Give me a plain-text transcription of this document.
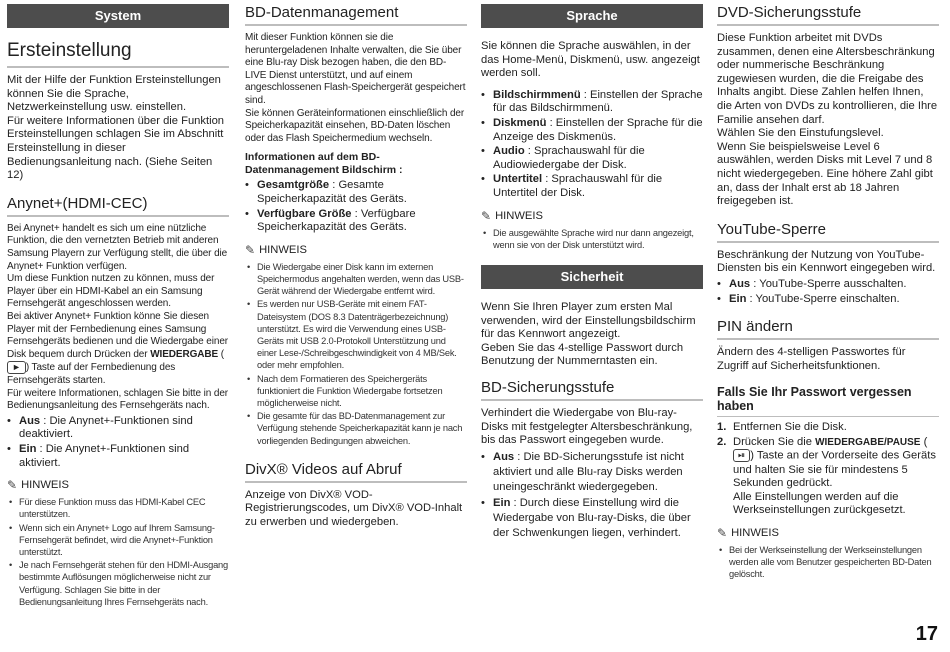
System
Ersteinstellung

Mit der Hilfe der Funktion Ersteinstellungen können Sie die Sprache, Netzwerkeinstellung usw. einstellen.

Für weitere Informationen über die Funktion Ersteinstellungen schlagen Sie im Abschnitt Ersteinstellung in dieser Bedienungsanleitung nach. (Siehe Seiten 12)

Anynet+(HDMI-CEC)

Bei Anynet+ handelt es sich um eine nützliche Funktion, die den vernetzten Betrieb mit anderen Samsung Playern zur Verfügung stellt, die über die Anynet+ Funktion verfügen.

Um diese Funktion nutzen zu können, muss der Player über ein HDMI-Kabel an ein Samsung Fernsehgerät angeschlossen werden.

Bei aktiver Anynet+ Funktion könne Sie diesen Player mit der Fernbedienung eines Samsung Fernsehgeräts bedienen und die Wiedergabe einer Disk bequem durch Drücken der WIEDERGABE (► ) Taste auf der Fernbedienung des Fernsehgeräts starten.

Für weitere Informationen, schlagen Sie bitte in der Bedienungsanleitung des Fernsehgeräts nach.

• Aus : Die Anynet+-Funktionen sind deaktiviert.
• Ein : Die Anynet+-Funktionen sind aktiviert.
✎ HINWEIS
• Für diese Funktion muss das HDMI-Kabel CEC unterstützen.
• Wenn sich ein Anynet+ Logo auf Ihrem Samsung-Fernsehgerät befindet, wird die Anynet+-Funktion unterstützt.
• Je nach Fernsehgerät stehen für den HDMI-Ausgang bestimmte Auflösungen möglicherweise nicht zur Verfügung. Schlagen Sie bitte in der Bedienungsanleitung Ihres Fernsehgeräts nach.
BD-Datenmanagement

Mit dieser Funktion können sie die heruntergeladenen Inhalte verwalten, die Sie über eine Blu-ray Disk bezogen haben, die den BD-LIVE Dienst unterstützt, und auf einem angeschlossenen Flash-Speichergerät gespeichert sind.

Sie können Geräteinformationen einschließlich der Speicherkapazität einsehen, BD-Daten löschen oder das Flash Speichermedium wechseln.

Informationen auf dem BD-Datenmanagement Bildschirm :

• Gesamtgröße : Gesamte Speicherkapazität des Geräts.
• Verfügbare Größe : Verfügbare Speicherkapazität des Geräts.
✎ HINWEIS
• Die Wiedergabe einer Disk kann im externen Speichermodus angehalten werden, wenn das USB-Gerät während der Wiedergabe entfernt wird.
• Es werden nur USB-Geräte mit einem FAT-Dateisystem (DOS 8.3 Datenträgerbezeichnung) unterstützt. Es wird die Verwendung eines USB-Geräts mit USB 2.0-Protokoll Unterstützung und einer Lese-/Schreibgeschwindigkeit von 4 MB/Sek. oder mehr empfohlen.
• Nach dem Formatieren des Speichergeräts funktioniert die Funktion Wiedergabe fortsetzen möglicherweise nicht.
• Die gesamte für das BD-Datenmanagement zur Verfügung stehende Speicherkapazität kann je nach vorliegenden Bedingungen abweichen.
DivX® Videos auf Abruf

Anzeige von DivX® VOD-Registrierungscodes, um DivX® VOD-Inhalt zu erwerben und wiedergeben.

Sprache

Sie können die Sprache auswählen, in der das Home-Menü, Diskmenü, usw. angezeigt werden soll.

• Bildschirmmenü : Einstellen der Sprache für das Bildschirmmenü.
• Diskmenü : Einstellen der Sprache für die Anzeige des Diskmenüs.
• Audio : Sprachauswahl für die Audiowiedergabe der Disk.
• Untertitel : Sprachauswahl für die Untertitel der Disk.
✎ HINWEIS
• Die ausgewählte Sprache wird nur dann angezeigt, wenn sie von der Disk unterstützt wird.
Sicherheit

Wenn Sie Ihren Player zum ersten Mal verwenden, wird der Einstellungsbildschirm für das Kennwort angezeigt.

Geben Sie das 4-stellige Passwort durch Benutzung der Nummerntasten ein.

BD-Sicherungsstufe

Verhindert die Wiedergabe von Blu-ray-Disks mit festgelegter Altersbeschränkung, bis das Passwort eingegeben wurde.

• Aus : Die BD-Sicherungsstufe ist nicht aktiviert und alle Blu-ray Disks werden uneingeschränkt wiedergegeben.
• Ein : Durch diese Einstellung wird die Wiedergabe von Blu-ray-Disks, die über der Schwenkungen liegen, verhindert.
DVD-Sicherungsstufe

Diese Funktion arbeitet mit DVDs zusammen, denen eine Altersbeschränkung oder nummerische Beschränkung zugewiesen wurden, die die Freigabe des Inhalts angibt. Diese Zahlen helfen Ihnen, die Arten von DVDs zu kontrollieren, die Ihre Familie ansehen darf.

Wählen Sie den Einstufungslevel.

Wenn Sie beispielsweise Level 6 auswählen, werden Disks mit Level 7 und 8 nicht wiedergegeben. Eine höhere Zahl gibt an, dass der Inhalt erst ab 18 Jahren freigegeben ist.

YouTube-Sperre

Beschränkung der Nutzung von YouTube-Diensten bis ein Kennwort eingegeben wird.

• Aus : YouTube-Sperre ausschalten.
• Ein : YouTube-Sperre einschalten.
PIN ändern

Ändern des 4-stelligen Passwortes für Zugriff auf Sicherheitsfunktionen.

Falls Sie Ihr Passwort vergessen haben
1. Entfernen Sie die Disk.
2. Drücken Sie die WIEDERGABE/PAUSE (⏯ ) Taste an der Vorderseite des Geräts und halten Sie sie für mindestens 5 Sekunden gedrückt.
Alle Einstellungen werden auf die Werkseinstellungen zurückgesetzt.
✎ HINWEIS
• Bei der Werkseinstellung der Werkseinstellungen werden alle vom Benutzer gespeicherten BD-Daten gelöscht.
17
